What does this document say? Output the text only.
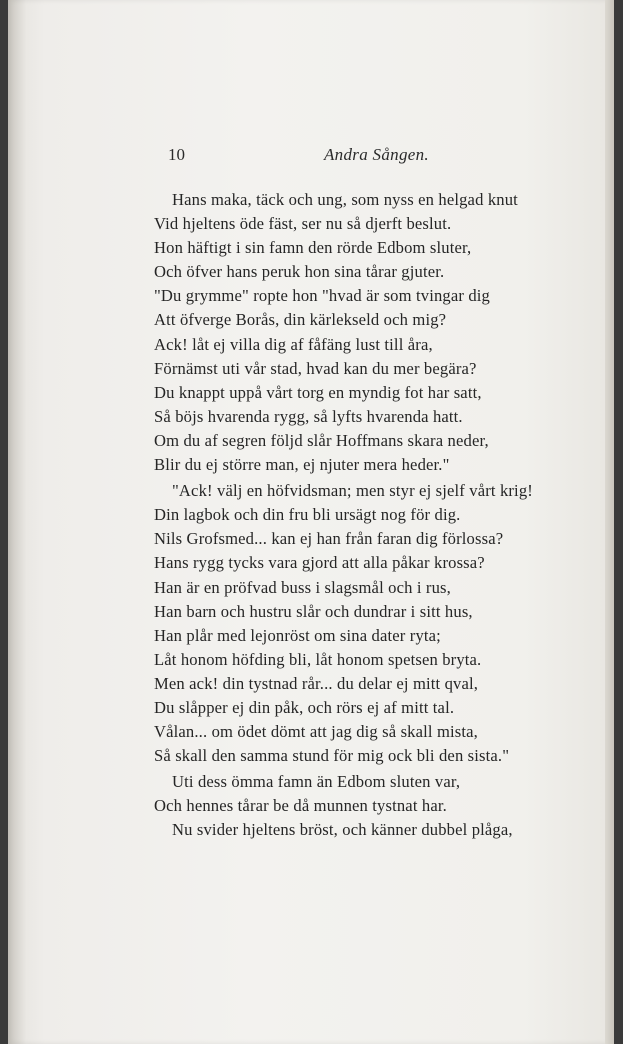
10	Andra Sången.
Hans maka, täck och ung, som nyss en helgad knut
Vid hjeltens öde fäst, ser nu så djerft beslut.
Hon häftigt i sin famn den rörde Edbom sluter,
Och öfver hans peruk hon sina tårar gjuter.
"Du grymme" ropte hon "hvad är som tvingar dig
Att öfverge Borås, din kärlekseld och mig?
Ack! låt ej villa dig af fåfäng lust till åra,
Förnämst uti vår stad, hvad kan du mer begära?
Du knappt uppå vårt torg en myndig fot har satt,
Så böjs hvarenda rygg, så lyfts hvarenda hatt.
Om du af segren följd slår Hoffmans skara neder,
Blir du ej större man, ej njuter mera heder."
"Ack! välj en höfvidsman; men styr ej sjelf vårt krig!
Din lagbok och din fru bli ursägt nog för dig.
Nils Grofsmed... kan ej han från faran dig förlossa?
Hans rygg tycks vara gjord att alla påkar krossa?
Han är en pröfvad buss i slagsmål och i rus,
Han barn och hustru slår och dundrar i sitt hus,
Han plår med lejonröst om sina dater ryta;
Låt honom höfding bli, låt honom spetsen bryta.
Men ack! din tystnad rår... du delar ej mitt qval,
Du slåpper ej din påk, och rörs ej af mitt tal.
Vålan... om ödet dömt att jag dig så skall mista,
Så skall den samma stund för mig ock bli den sista."
Uti dess ömma famn än Edbom sluten var,
Och hennes tårar be då munnen tystnat har.
Nu svider hjeltens bröst, och känner dubbel plåga,
